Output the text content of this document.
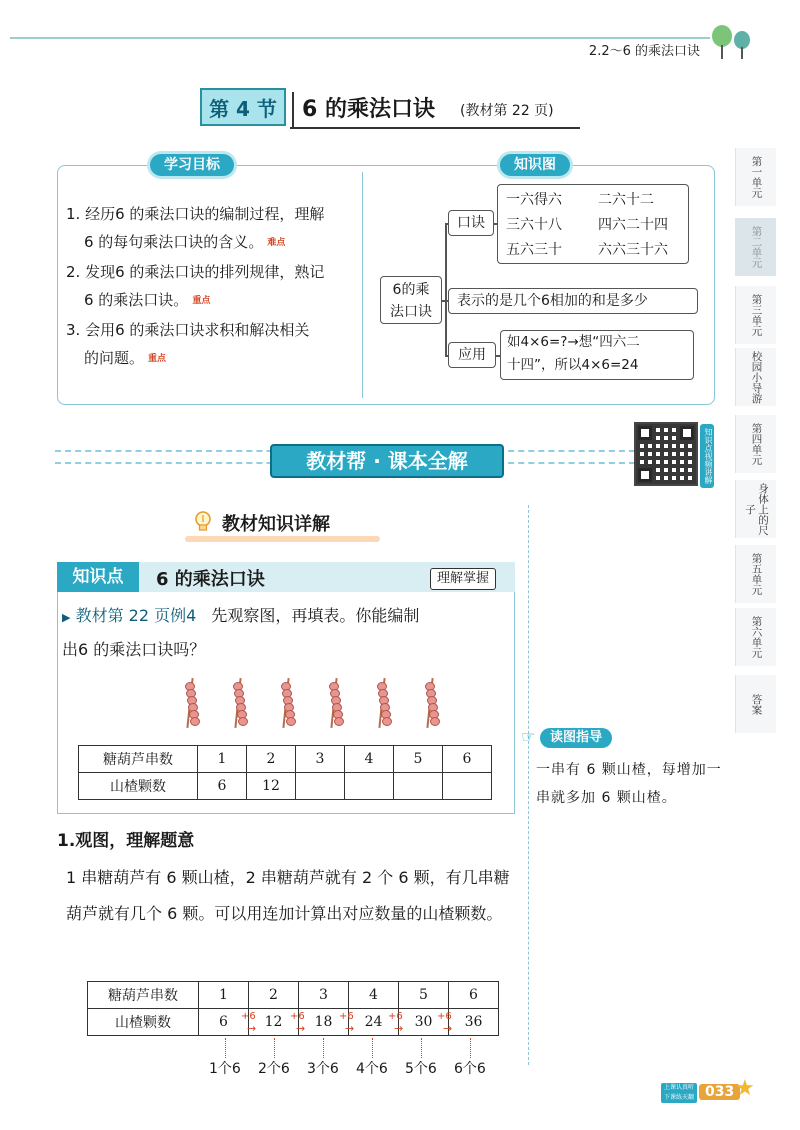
2.2～6 的乘法口诀
第 4 节	6 的乘法口诀 (教材第 22 页)
学习目标	知识图
1. 经历6 的乘法口诀的编制过程，理解
6 的每句乘法口诀的含义。 难点
2. 发现6 的乘法口诀的排列规律，熟记
6 的乘法口诀。 重点
3. 会用6 的乘法口诀求积和解决相关
的问题。 重点
6的乘
法口诀
口诀
一六得六	二六十二
三六十八	四六二十四
五六三十	六六三十六
表示的是几个6相加的和是多少
应用
如4×6=?→想“四六二
十四”，所以4×6=24
教材帮 · 课本全解	知识点视频讲解
第一单元
第二单元
第三单元
校园小导游
第四单元
身体上的尺子
第五单元
第六单元
答案
教材知识详解
知识点	6 的乘法口诀	理解掌握
▶ 教材第 22 页例4 先观察图，再填表。你能编制
出6 的乘法口诀吗？
糖葫芦串数	1	2	3	4	5	6
山楂颗数	6	12				
☞	读图指导
一串有 6 颗山楂，每增加一串就多加 6 颗山楂。
1.观图，理解题意
1 串糖葫芦有 6 颗山楂，2 串糖葫芦就有 2 个 6 颗，有几串糖葫芦就有几个 6 颗。可以用连加计算出对应数量的山楂颗数。
糖葫芦串数	1	2	3	4	5	6
山楂颗数	6	12	18	24	30	36
+6
→
+6
→
+6
→
+6
→
+6
→
1个6 2个6 3个6 4个6 5个6 6个6
上课认真听 下课练天翻 033 ★
